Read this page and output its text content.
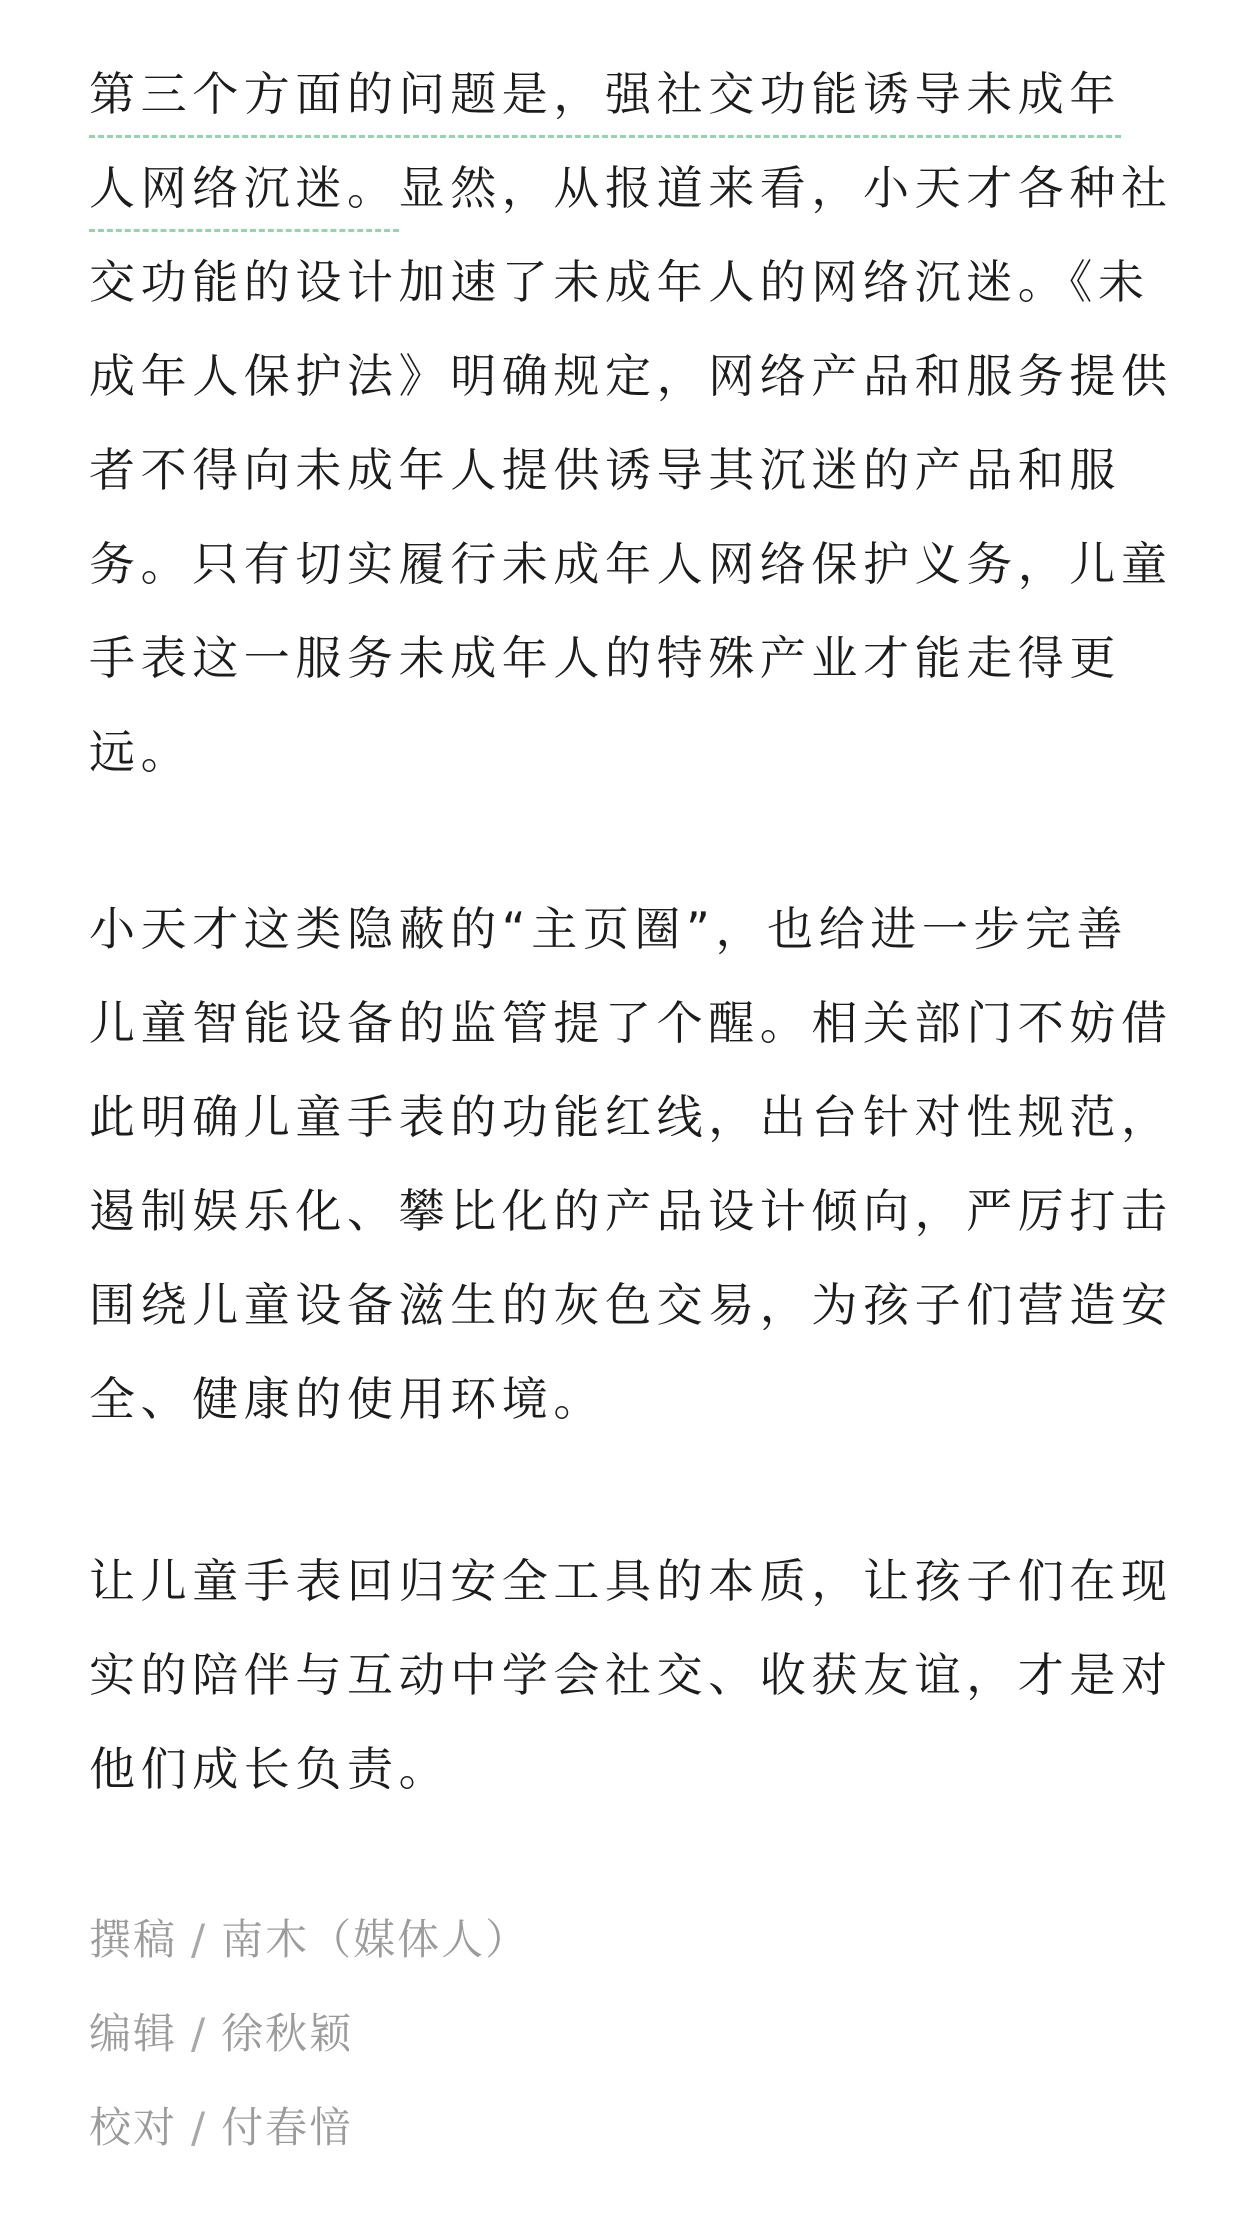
第三个方面的问题是，强社交功能诱导未成年
人网络沉迷。显然，从报道来看，小天才各种社交功能的设计加速了未成年人的网络沉迷。《未成年人保护法》明确规定，网络产品和服务提供者不得向未成年人提供诱导其沉迷的产品和服务。只有切实履行未成年人网络保护义务，儿童手表这一服务未成年人的特殊产业才能走得更远。

小天才这类隐蔽的“主页圈”，也给进一步完善儿童智能设备的监管提了个醒。相关部门不妨借此明确儿童手表的功能红线，出台针对性规范，遏制娱乐化、攀比化的产品设计倾向，严厉打击围绕儿童设备滋生的灰色交易，为孩子们营造安全、健康的使用环境。

让儿童手表回归安全工具的本质，让孩子们在现实的陪伴与互动中学会社交、收获友谊，才是对他们成长负责。

撰稿 / 南木（媒体人）
编辑 / 徐秋颖
校对 / 付春愔
